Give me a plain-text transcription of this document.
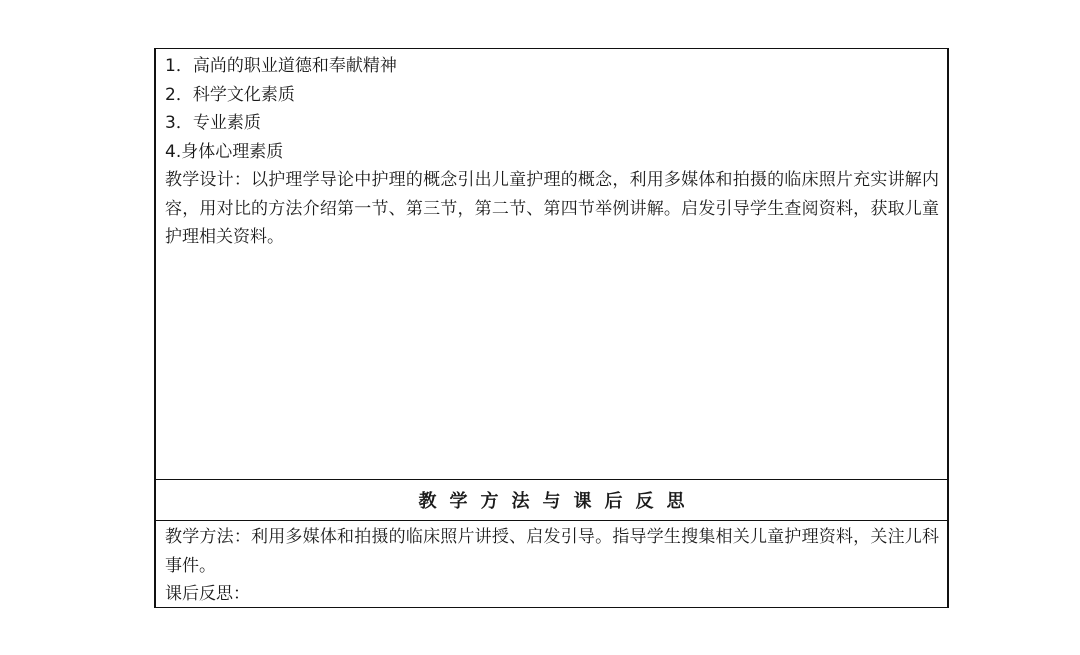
1．高尚的职业道德和奉献精神
2．科学文化素质
3．专业素质
4.身体心理素质
教学设计：以护理学导论中护理的概念引出儿童护理的概念，利用多媒体和拍摄的临床照片充实讲解内容，用对比的方法介绍第一节、第三节，第二节、第四节举例讲解。启发引导学生查阅资料，获取儿童护理相关资料。
教学方法与课后反思
教学方法：利用多媒体和拍摄的临床照片讲授、启发引导。指导学生搜集相关儿童护理资料，关注儿科事件。
课后反思：
